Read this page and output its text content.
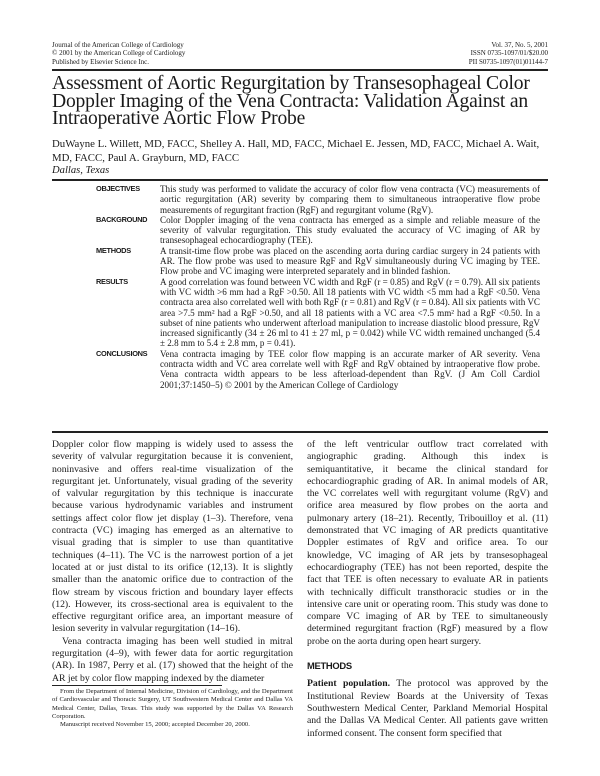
Journal of the American College of Cardiology
© 2001 by the American College of Cardiology
Published by Elsevier Science Inc.
Vol. 37, No. 5, 2001
ISSN 0735-1097/01/$20.00
PII S0735-1097(01)01144-7
Assessment of Aortic Regurgitation by Transesophageal Color Doppler Imaging of the Vena Contracta: Validation Against an Intraoperative Aortic Flow Probe
DuWayne L. Willett, MD, FACC, Shelley A. Hall, MD, FACC, Michael E. Jessen, MD, FACC, Michael A. Wait, MD, FACC, Paul A. Grayburn, MD, FACC
Dallas, Texas
OBJECTIVES	This study was performed to validate the accuracy of color flow vena contracta (VC) measurements of aortic regurgitation (AR) severity by comparing them to simultaneous intraoperative flow probe measurements of regurgitant fraction (RgF) and regurgitant volume (RgV).
BACKGROUND	Color Doppler imaging of the vena contracta has emerged as a simple and reliable measure of the severity of valvular regurgitation. This study evaluated the accuracy of VC imaging of AR by transesophageal echocardiography (TEE).
METHODS	A transit-time flow probe was placed on the ascending aorta during cardiac surgery in 24 patients with AR. The flow probe was used to measure RgF and RgV simultaneously during VC imaging by TEE. Flow probe and VC imaging were interpreted separately and in blinded fashion.
RESULTS	A good correlation was found between VC width and RgF (r = 0.85) and RgV (r = 0.79). All six patients with VC width >6 mm had a RgF >0.50. All 18 patients with VC width <5 mm had a RgF <0.50. Vena contracta area also correlated well with both RgF (r = 0.81) and RgV (r = 0.84). All six patients with VC area >7.5 mm² had a RgF >0.50, and all 18 patients with a VC area <7.5 mm² had a RgF <0.50. In a subset of nine patients who underwent afterload manipulation to increase diastolic blood pressure, RgV increased significantly (34 ± 26 ml to 41 ± 27 ml, p = 0.042) while VC width remained unchanged (5.4 ± 2.8 mm to 5.4 ± 2.8 mm, p = 0.41).
CONCLUSIONS	Vena contracta imaging by TEE color flow mapping is an accurate marker of AR severity. Vena contracta width and VC area correlate well with RgF and RgV obtained by intraoperative flow probe. Vena contracta width appears to be less afterload-dependent than RgV. (J Am Coll Cardiol 2001;37:1450–5) © 2001 by the American College of Cardiology

Doppler color flow mapping is widely used to assess the severity of valvular regurgitation because it is convenient, noninvasive and offers real-time visualization of the regurgitant jet. Unfortunately, visual grading of the severity of valvular regurgitation by this technique is inaccurate because various hydrodynamic variables and instrument settings affect color flow jet display (1–3). Therefore, vena contracta (VC) imaging has emerged as an alternative to visual grading that is simpler to use than quantitative techniques (4–11). The VC is the narrowest portion of a jet located at or just distal to its orifice (12,13). It is slightly smaller than the anatomic orifice due to contraction of the flow stream by viscous friction and boundary layer effects (12). However, its cross-sectional area is equivalent to the effective regurgitant orifice area, an important measure of lesion severity in valvular regurgitation (14–16).

Vena contracta imaging has been well studied in mitral regurgitation (4–9), with fewer data for aortic regurgitation (AR). In 1987, Perry et al. (17) showed that the height of the AR jet by color flow mapping indexed by the diameter

of the left ventricular outflow tract correlated with angiographic grading. Although this index is semiquantitative, it became the clinical standard for echocardiographic grading of AR. In animal models of AR, the VC correlates well with regurgitant volume (RgV) and orifice area measured by flow probes on the aorta and pulmonary artery (18–21). Recently, Tribouilloy et al. (11) demonstrated that VC imaging of AR predicts quantitative Doppler estimates of RgV and orifice area. To our knowledge, VC imaging of AR jets by transesophageal echocardiography (TEE) has not been reported, despite the fact that TEE is often necessary to evaluate AR in patients with technically difficult transthoracic studies or in the intensive care unit or operating room. This study was done to compare VC imaging of AR by TEE to simultaneously determined regurgitant fraction (RgF) measured by a flow probe on the aorta during open heart surgery.

METHODS

Patient population. The protocol was approved by the Institutional Review Boards at the University of Texas Southwestern Medical Center, Parkland Memorial Hospital and the Dallas VA Medical Center. All patients gave written informed consent. The consent form specified that

From the Department of Internal Medicine, Division of Cardiology, and the Department of Cardiovascular and Thoracic Surgery, UT Southwestern Medical Center and Dallas VA Medical Center, Dallas, Texas. This study was supported by the Dallas VA Research Corporation.

Manuscript received November 15, 2000; accepted December 20, 2000.
